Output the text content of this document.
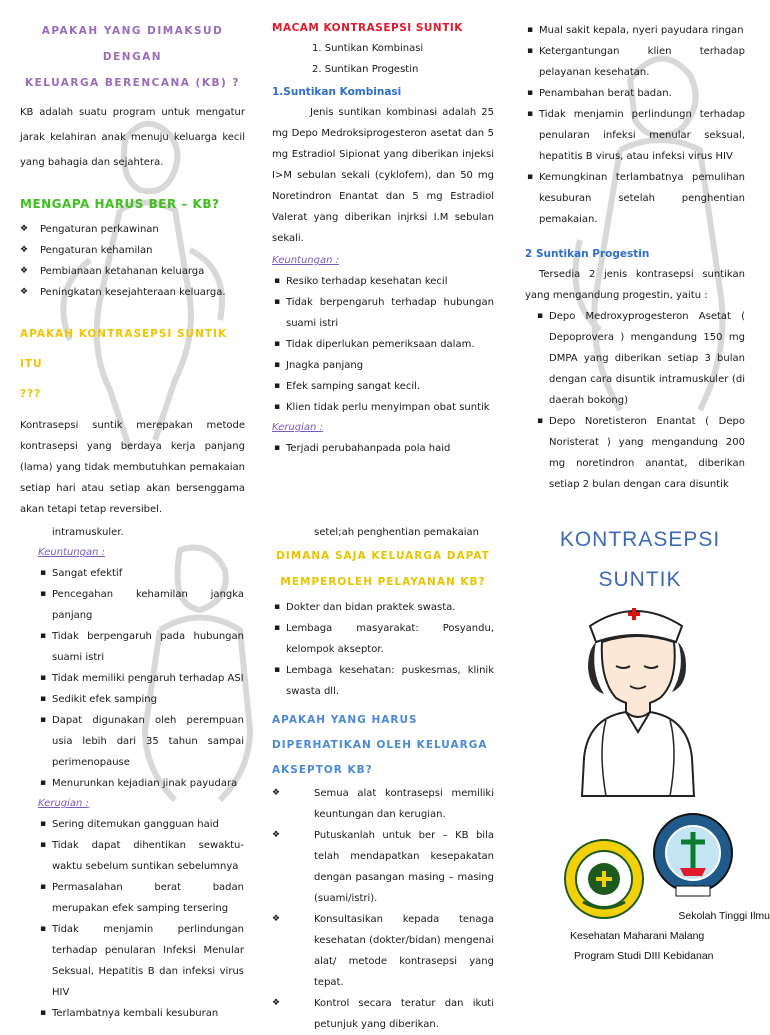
APAKAH YANG DIMAKSUD DENGAN
KELUARGA BERENCANA (KB) ?

KB adalah suatu program untuk mengatur jarak kelahiran anak menuju keluarga kecil yang bahagia dan sejahtera.

MENGAPA HARUS BER – KB?
❖ Pengaturan perkawinan
❖ Pengaturan kehamilan
❖ Pembianaan ketahanan keluarga
❖ Peningkatan kesejahteraan keluarga.
APAKAH KONTRASEPSI SUNTIK ITU
???

Kontrasepsi suntik merepakan metode kontrasepsi yang berdaya kerja panjang (lama) yang tidak membutuhkan pemakaian setiap hari atau setiap akan bersenggama akan tetapi tetap reversibel.

MACAM KONTRASEPSI SUNTIK
1. Suntikan Kombinasi
2. Suntikan Progestin
1.Suntikan Kombinasi

Jenis suntikan kombinasi adalah 25 mg Depo Medroksiprogesteron asetat dan 5 mg Estradiol Sipionat yang diberikan injeksi I>M sebulan sekali (cyklofem), dan 50 mg Noretindron Enantat dan 5 mg Estradiol Valerat yang diberikan injrksi I.M sebulan sekali.

Keuntungan :
▪ Resiko terhadap kesehatan kecil
▪ Tidak berpengaruh terhadap hubungan suami istri
▪ Tidak diperlukan pemeriksaan dalam.
▪ Jnagka panjang
▪ Efek samping sangat kecil.
▪ Klien tidak perlu menyimpan obat suntik
Kerugian :
▪ Terjadi perubahanpada pola haid
▪ Mual sakit kepala, nyeri payudara ringan
▪ Ketergantungan klien terhadap pelayanan kesehatan.
▪ Penambahan berat badan.
▪ Tidak menjamin perlindungn terhadap penularan infeksi menular seksual, hepatitis B virus, atau infeksi virus HIV
▪ Kemungkinan terlambatnya pemulihan kesuburan setelah penghentian pemakaian.
2 Suntikan Progestin

Tersedia 2 jenis kontrasepsi suntikan yang mengandung progestin, yaitu :

▪ Depo Medroxyprogesteron Asetat ( Depoprovera ) mengandung 150 mg DMPA yang diberikan setiap 3 bulan dengan cara disuntik intramuskuler (di daerah bokong)
▪ Depo Noretisteron Enantat ( Depo Noristerat ) yang mengandung 200 mg noretindron anantat, diberikan setiap 2 bulan dengan cara disuntik
intramuskuler.
Keuntungan :
▪ Sangat efektif
▪ Pencegahan kehamilan jangka panjang
▪ Tidak berpengaruh pada hubungan suami istri
▪ Tidak memiliki pengaruh terhadap ASI
▪ Sedikit efek samping
▪ Dapat digunakan oleh perempuan usia lebih dari 35 tahun sampai perimenopause
▪ Menurunkan kejadian jinak payudara
Kerugian :
▪ Sering ditemukan gangguan haid
▪ Tidak dapat dihentikan sewaktu-waktu sebelum suntikan sebelumnya
▪ Permasalahan berat badan merupakan efek samping tersering
▪ Tidak menjamin perlindungan terhadap penularan Infeksi Menular Seksual, Hepatitis B dan infeksi virus HIV
▪ Terlambatnya kembali kesuburan
setel;ah penghentian pemakaian
DIMANA SAJA KELUARGA DAPAT
MEMPEROLEH PELAYANAN KB?
▪ Dokter dan bidan praktek swasta.
▪ Lembaga masyarakat: Posyandu, kelompok akseptor.
▪ Lembaga kesehatan: puskesmas, klinik swasta dll.
APAKAH YANG HARUS
DIPERHATIKAN OLEH KELUARGA
AKSEPTOR KB?
❖ Semua alat kontrasepsi memiliki keuntungan dan kerugian.
❖ Putuskanlah untuk ber – KB bila telah mendapatkan kesepakatan dengan pasangan masing – masing (suami/istri).
❖ Konsultasikan kepada tenaga kesehatan (dokter/bidan) mengenai alat/ metode kontrasepsi yang tepat.
❖ Kontrol secara teratur dan ikuti petunjuk yang diberikan.
KONTRASEPSI
SUNTIK
Sekolah Tinggi Ilmu
Kesehatan Maharani Malang
Program Studi DIII Kebidanan
